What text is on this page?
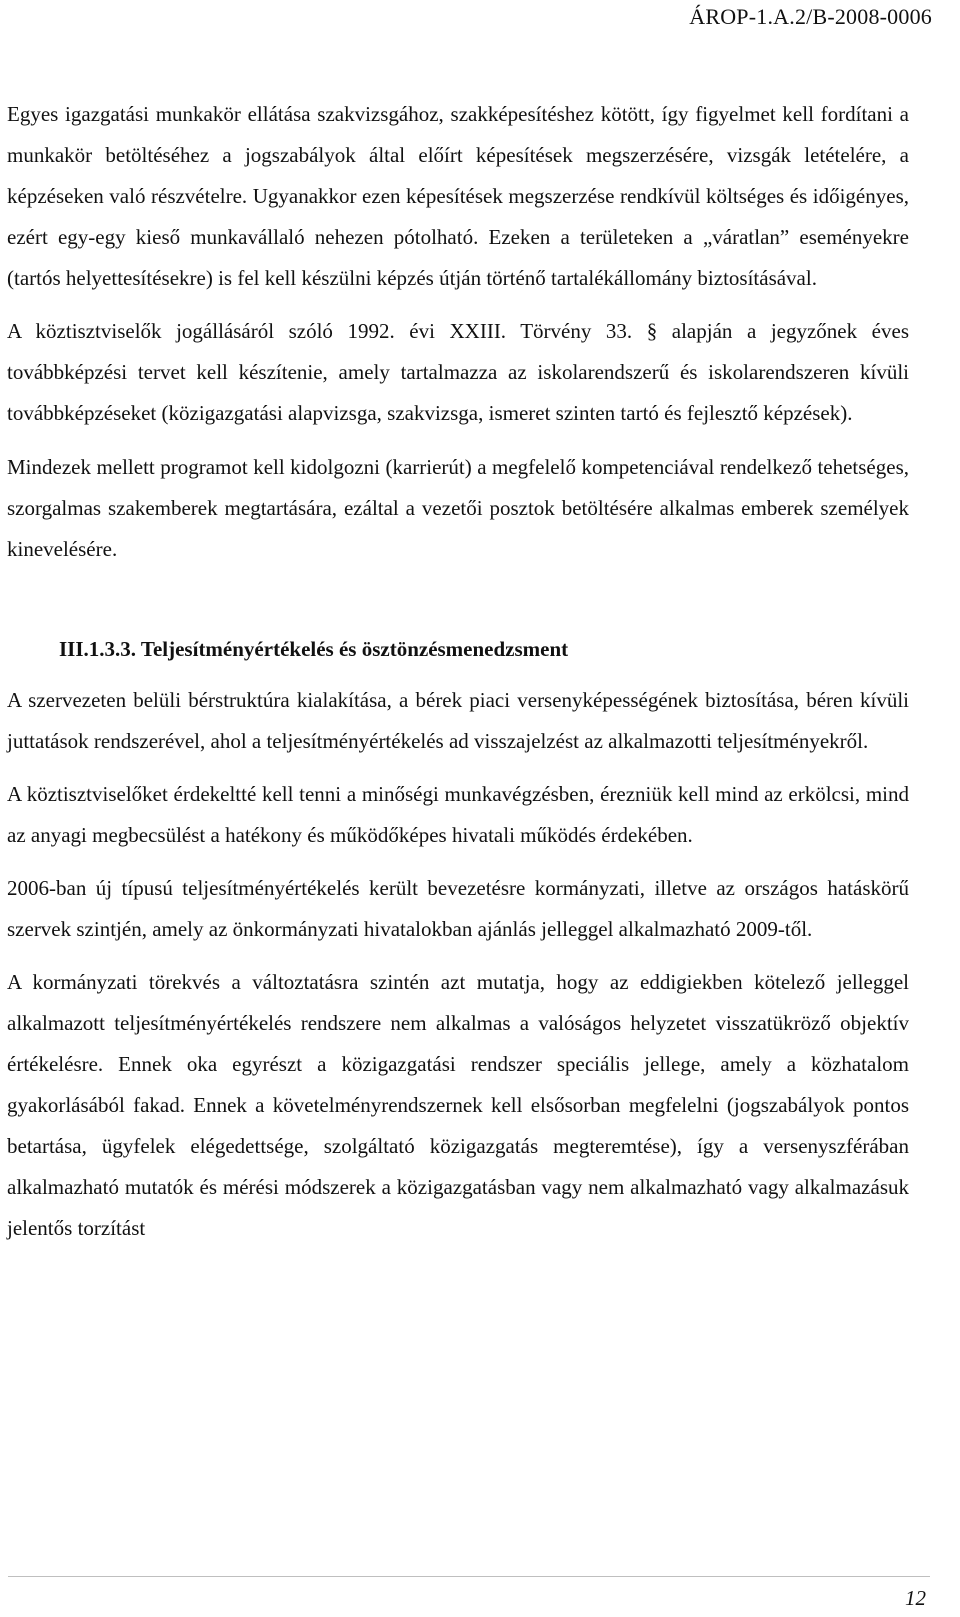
ÁROP-1.A.2/B-2008-0006

Egyes igazgatási munkakör ellátása szakvizsgához, szakképesítéshez kötött, így figyelmet kell fordítani a munkakör betöltéséhez a jogszabályok által előírt képesítések megszerzésére, vizsgák letételére, a képzéseken való részvételre. Ugyanakkor ezen képesítések megszerzése rendkívül költséges és időigényes, ezért egy-egy kieső munkavállaló nehezen pótolható. Ezeken a területeken a „váratlan” eseményekre (tartós helyettesítésekre) is fel kell készülni képzés útján történő tartalékállomány biztosításával.

A köztisztviselők jogállásáról szóló 1992. évi XXIII. Törvény 33. § alapján a jegyzőnek éves továbbképzési tervet kell készítenie, amely tartalmazza az iskolarendszerű és iskolarendszeren kívüli továbbképzéseket (közigazgatási alapvizsga, szakvizsga, ismeret szinten tartó és fejlesztő képzések).

Mindezek mellett programot kell kidolgozni (karrierút) a megfelelő kompetenciával rendelkező tehetséges, szorgalmas szakemberek megtartására, ezáltal a vezetői posztok betöltésére alkalmas emberek személyek kinevelésére.

III.1.3.3. Teljesítményértékelés és ösztönzésmenedzsment

A szervezeten belüli bérstruktúra kialakítása, a bérek piaci versenyképességének biztosítása, béren kívüli juttatások rendszerével, ahol a teljesítményértékelés ad visszajelzést az alkalmazotti teljesítményekről.

A köztisztviselőket érdekeltté kell tenni a minőségi munkavégzésben, érezniük kell mind az erkölcsi, mind az anyagi megbecsülést a hatékony és működőképes hivatali működés érdekében.

2006-ban új típusú teljesítményértékelés került bevezetésre kormányzati, illetve az országos hatáskörű szervek szintjén, amely az önkormányzati hivatalokban ajánlás jelleggel alkalmazható 2009-től.

A kormányzati törekvés a változtatásra szintén azt mutatja, hogy az eddigiekben kötelező jelleggel alkalmazott teljesítményértékelés rendszere nem alkalmas a valóságos helyzetet visszatükröző objektív értékelésre. Ennek oka egyrészt a közigazgatási rendszer speciális jellege, amely a közhatalom gyakorlásából fakad. Ennek a követelményrendszernek kell elsősorban megfelelni (jogszabályok pontos betartása, ügyfelek elégedettsége, szolgáltató közigazgatás megteremtése), így a versenyszférában alkalmazható mutatók és mérési módszerek a közigazgatásban vagy nem alkalmazható vagy alkalmazásuk jelentős torzítást

12
